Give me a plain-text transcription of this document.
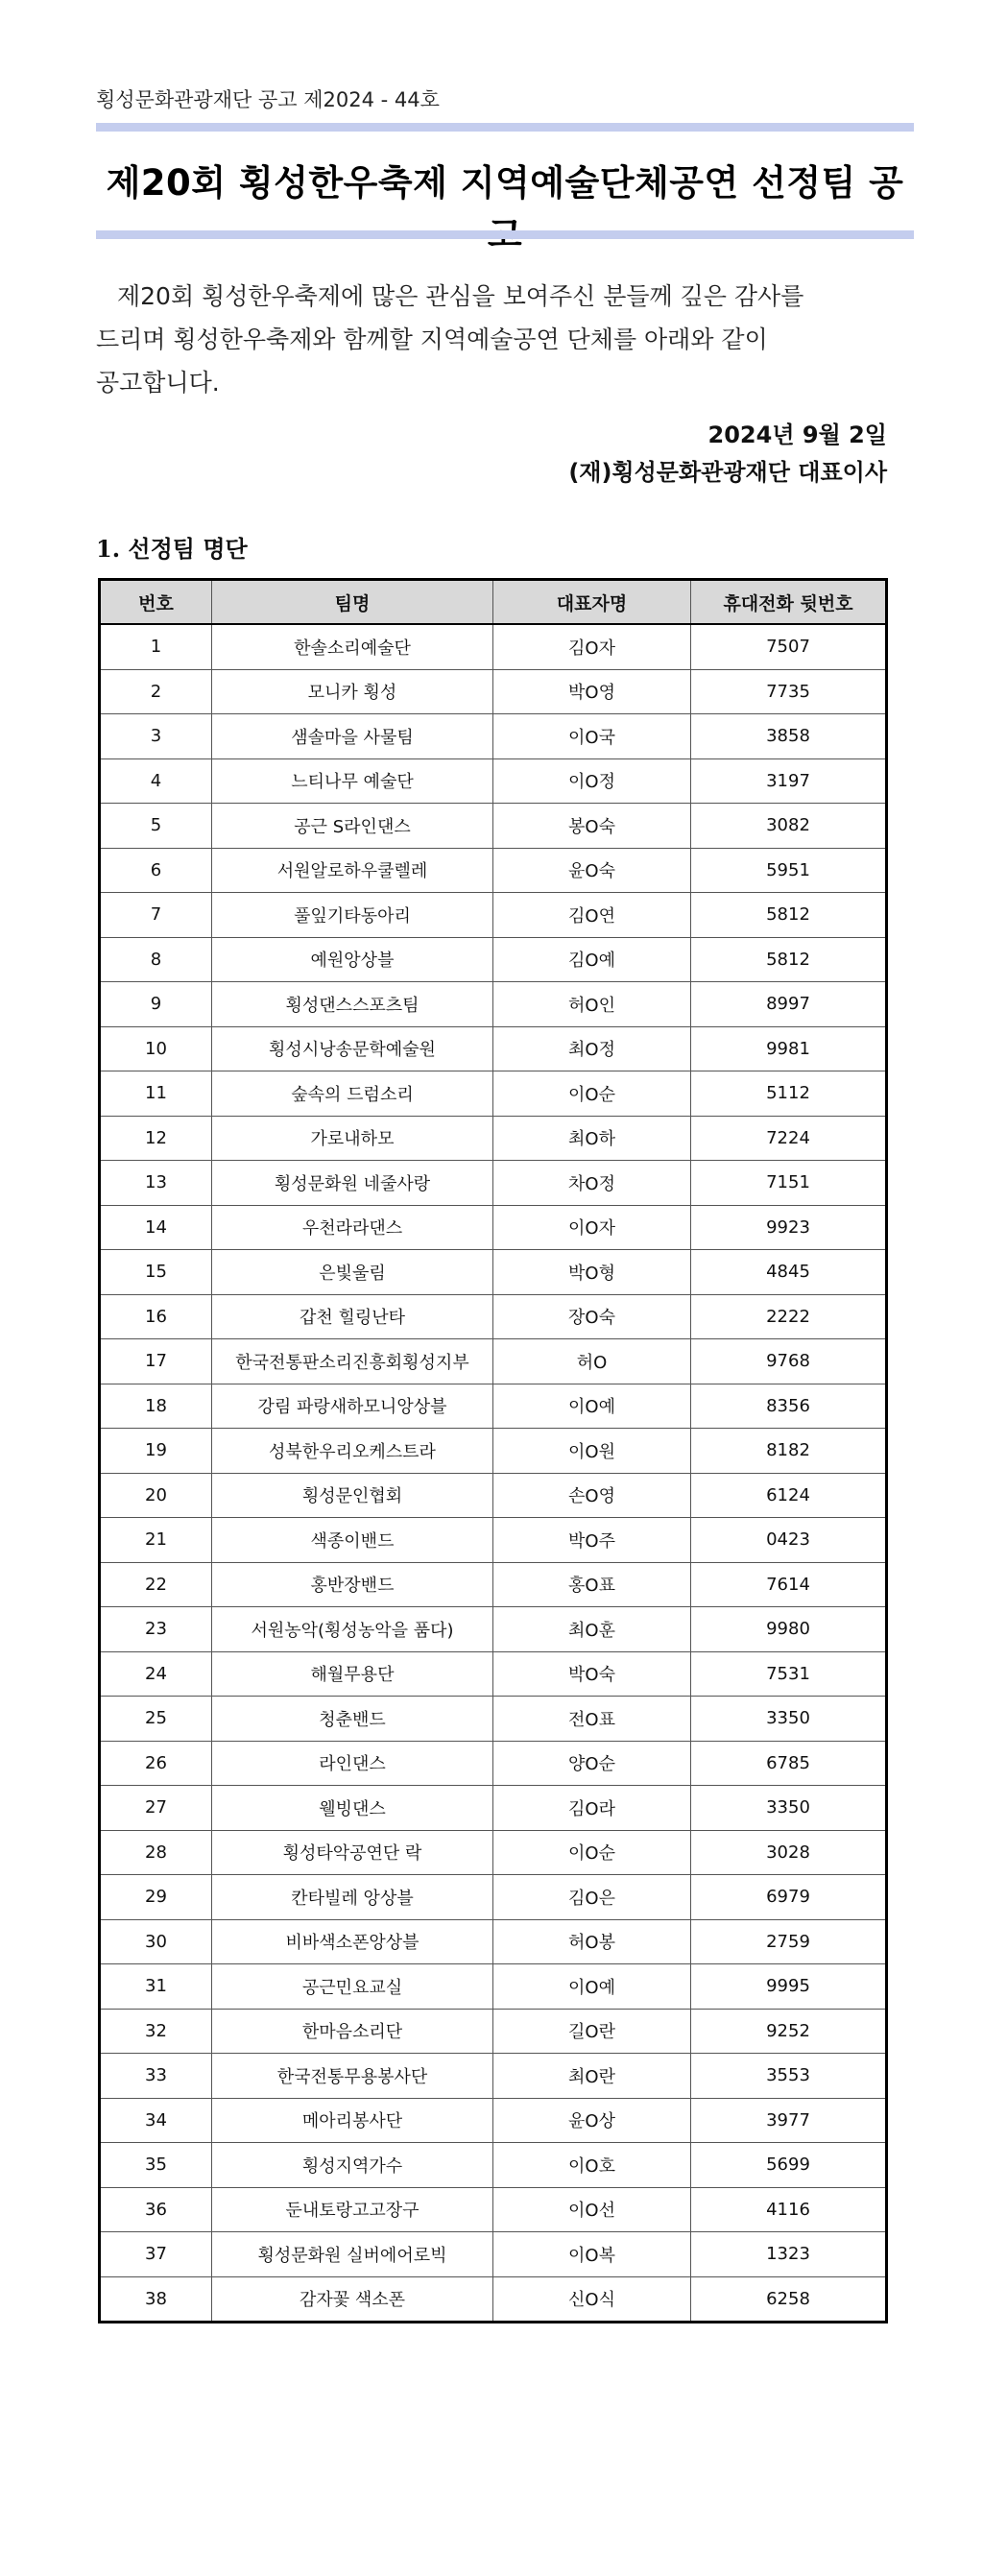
횡성문화관광재단 공고 제2024 - 44호
제20회 횡성한우축제 지역예술단체공연 선정팀 공

제20회 횡성한우축제에 많은 관심을 보여주신 분들께 깊은 감사를
드리며 횡성한우축제와 함께할 지역예술공연 단체를 아래와 같이
공고합니다.

2024년 9월 2일
(재)횡성문화관광재단 대표이사
1. 선정팀 명단
번호	팀명	대표자명	휴대전화 뒷번호
1	한솔소리예술단	김O자	7507
2	모니카 횡성	박O영	7735
3	샘솔마을 사물팀	이O국	3858
4	느티나무 예술단	이O정	3197
5	공근 S라인댄스	봉O숙	3082
6	서원알로하우쿨렐레	윤O숙	5951
7	풀잎기타동아리	김O연	5812
8	예원앙상블	김O예	5812
9	횡성댄스스포츠팀	허O인	8997
10	횡성시낭송문학예술원	최O정	9981
11	숲속의 드럼소리	이O순	5112
12	가로내하모	최O하	7224
13	횡성문화원 네줄사랑	차O정	7151
14	우천라라댄스	이O자	9923
15	은빛울림	박O형	4845
16	갑천 힐링난타	장O숙	2222
17	한국전통판소리진흥회횡성지부	허O	9768
18	강림 파랑새하모니앙상블	이O예	8356
19	성북한우리오케스트라	이O원	8182
20	횡성문인협회	손O영	6124
21	색종이밴드	박O주	0423
22	홍반장밴드	홍O표	7614
23	서원농악(횡성농악을 품다)	최O훈	9980
24	해월무용단	박O숙	7531
25	청춘밴드	전O표	3350
26	라인댄스	양O순	6785
27	웰빙댄스	김O라	3350
28	횡성타악공연단 락	이O순	3028
29	칸타빌레 앙상블	김O은	6979
30	비바색소폰앙상블	허O봉	2759
31	공근민요교실	이O예	9995
32	한마음소리단	길O란	9252
33	한국전통무용봉사단	최O란	3553
34	메아리봉사단	윤O상	3977
35	횡성지역가수	이O호	5699
36	둔내토랑고고장구	이O선	4116
37	횡성문화원 실버에어로빅	이O복	1323
38	감자꽃 색소폰	신O식	6258
